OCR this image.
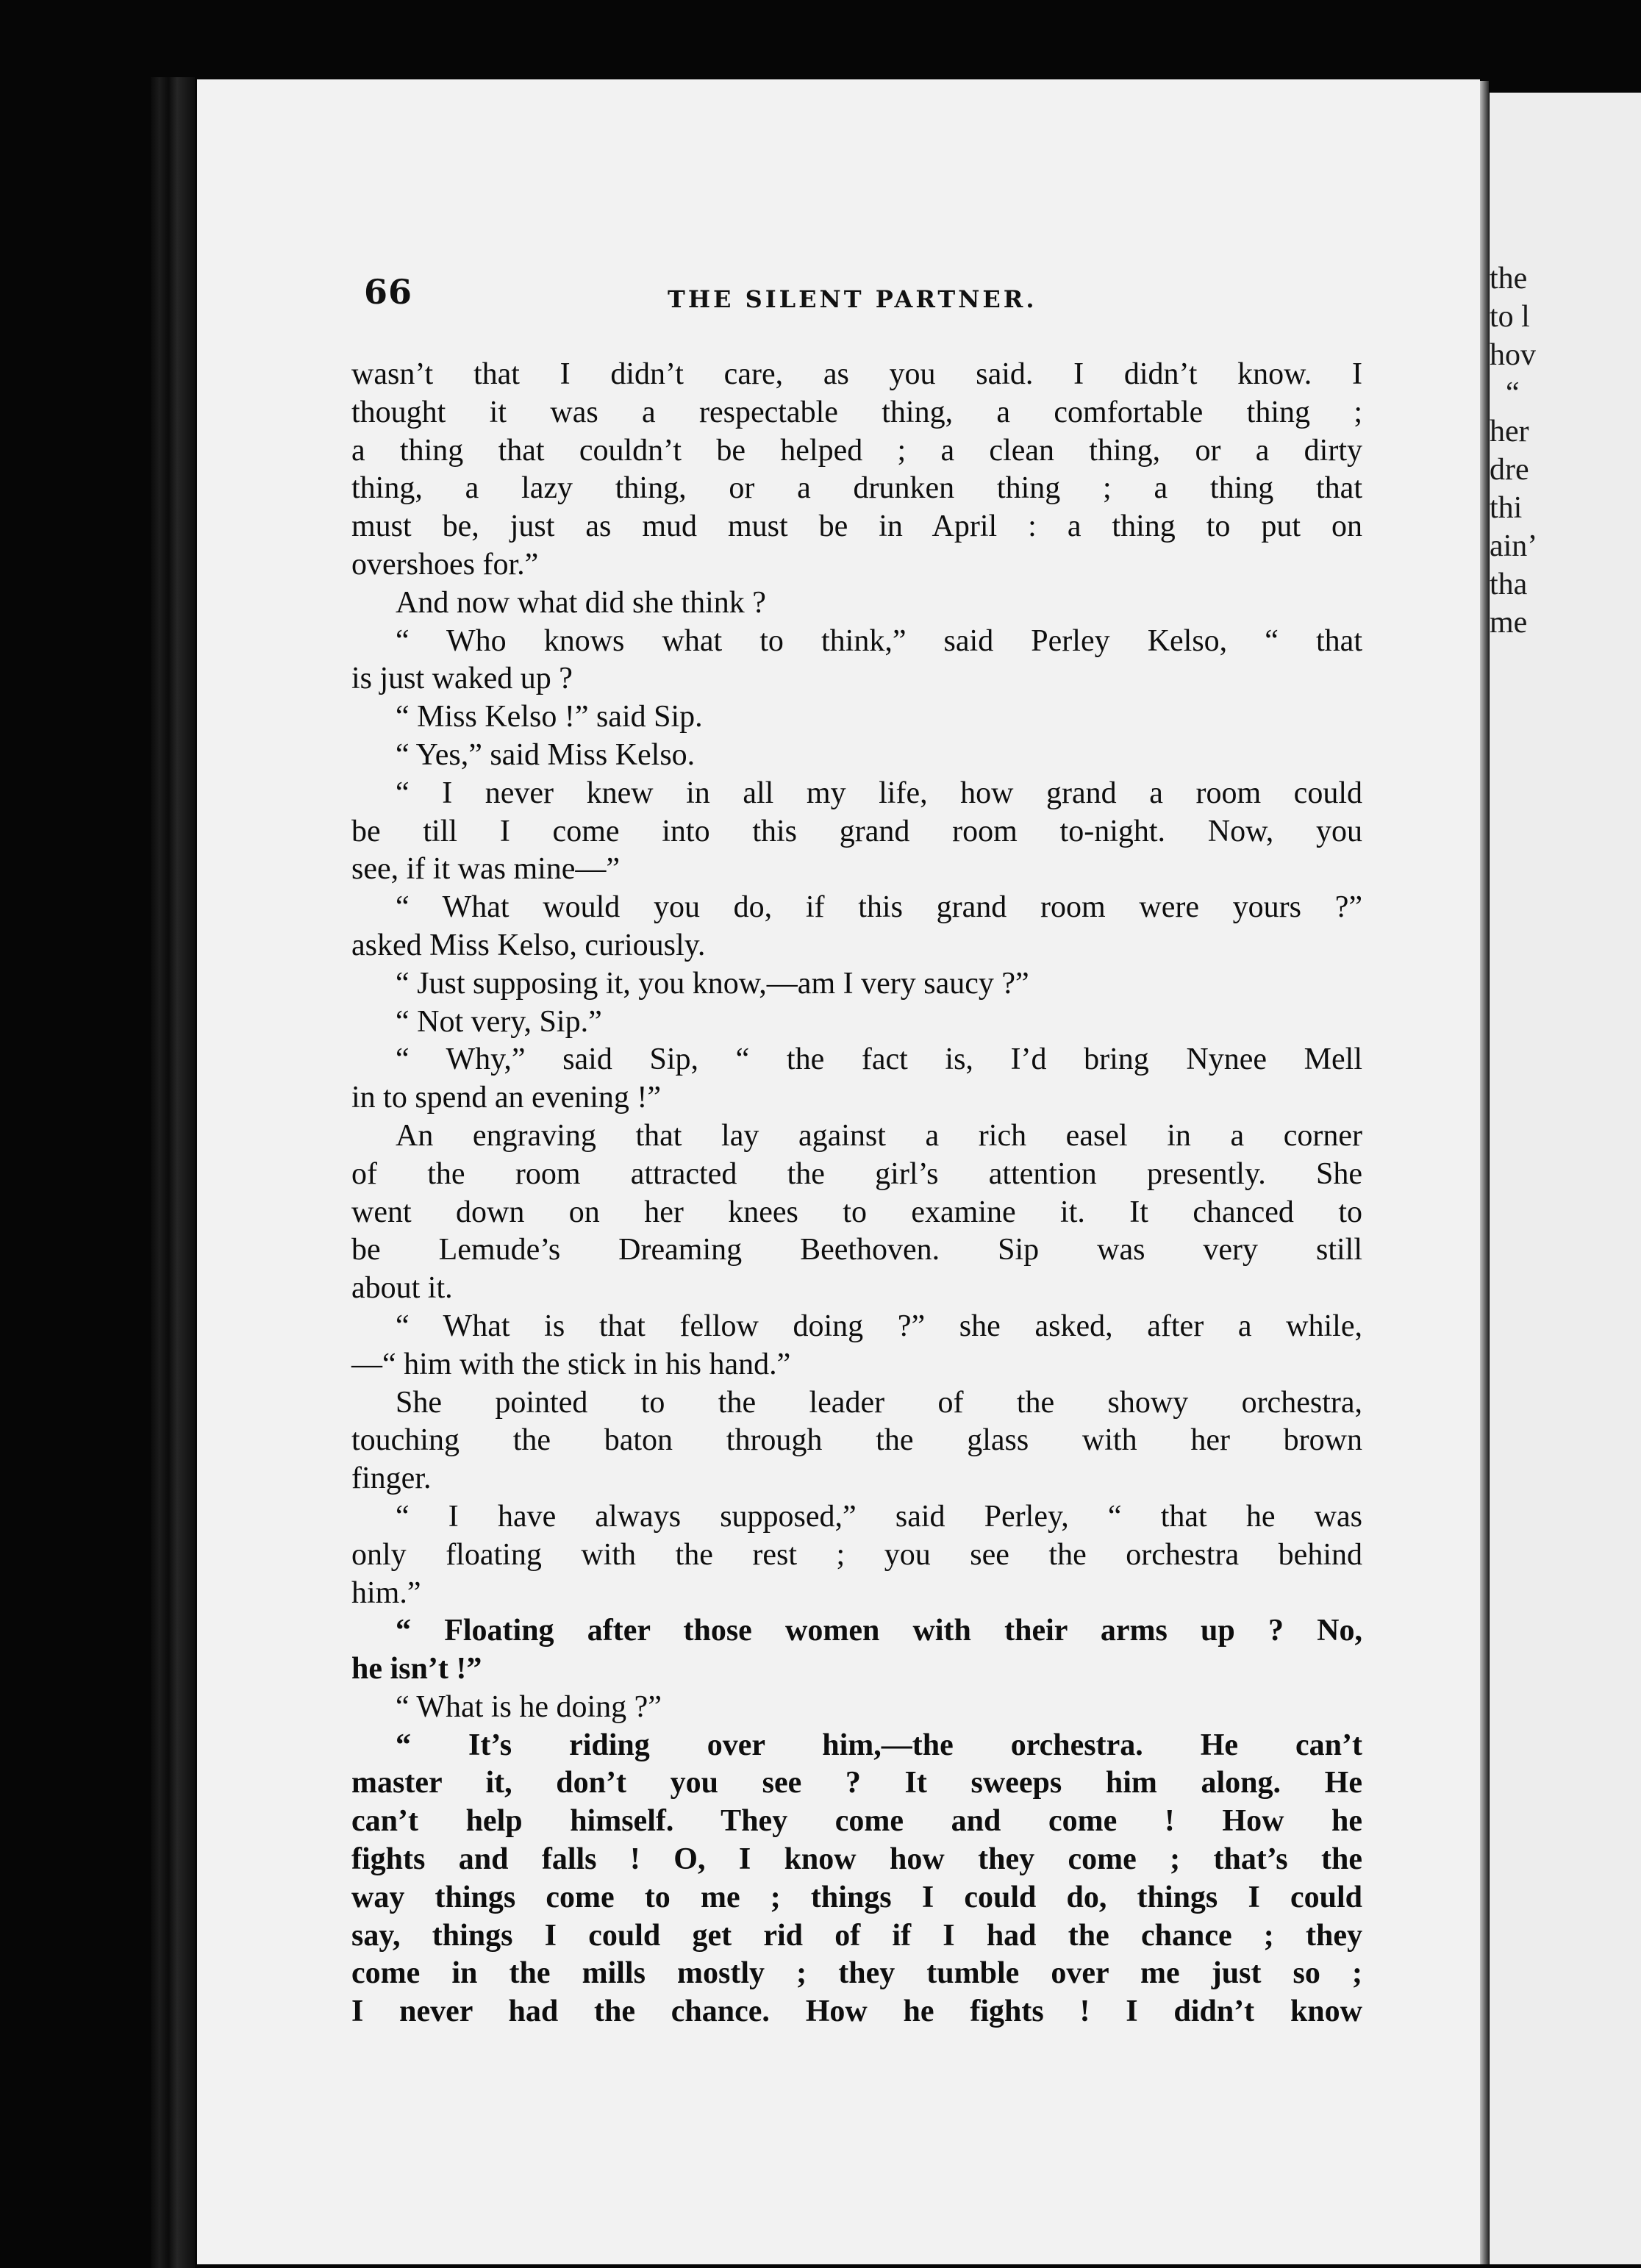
66	THE SILENT PARTNER.
wasn’t that I didn’t care, as you said. I didn’t know. I
thought it was a respectable thing, a comfortable thing ;
a thing that couldn’t be helped ; a clean thing, or a dirty
thing, a lazy thing, or a drunken thing ; a thing that
must be, just as mud must be in April : a thing to put on
overshoes for.”
And now what did she think ?
“ Who knows what to think,” said Perley Kelso, “ that
is just waked up ?
“ Miss Kelso !” said Sip.
“ Yes,” said Miss Kelso.
“ I never knew in all my life, how grand a room could
be till I come into this grand room to-night. Now, you
see, if it was mine—”
“ What would you do, if this grand room were yours ?”
asked Miss Kelso, curiously.
“ Just supposing it, you know,—am I very saucy ?”
“ Not very, Sip.”
“ Why,” said Sip, “ the fact is, I’d bring Nynee Mell
in to spend an evening !”
An engraving that lay against a rich easel in a corner
of the room attracted the girl’s attention presently. She
went down on her knees to examine it. It chanced to
be Lemude’s Dreaming Beethoven. Sip was very still
about it.
“ What is that fellow doing ?” she asked, after a while,
—“ him with the stick in his hand.”
She pointed to the leader of the showy orchestra,
touching the baton through the glass with her brown
finger.
“ I have always supposed,” said Perley, “ that he was
only floating with the rest ; you see the orchestra behind
him.”
“ Floating after those women with their arms up ? No,
he isn’t !”
“ What is he doing ?”
“ It’s riding over him,—the orchestra. He can’t
master it, don’t you see ? It sweeps him along. He
can’t help himself. They come and come ! How he
fights and falls ! O, I know how they come ; that’s the
way things come to me ; things I could do, things I could
say, things I could get rid of if I had the chance ; they
come in the mills mostly ; they tumble over me just so ;
I never had the chance. How he fights ! I didn’t know
the
to l
hov
“
her
dre
thi
ain’
tha
me
